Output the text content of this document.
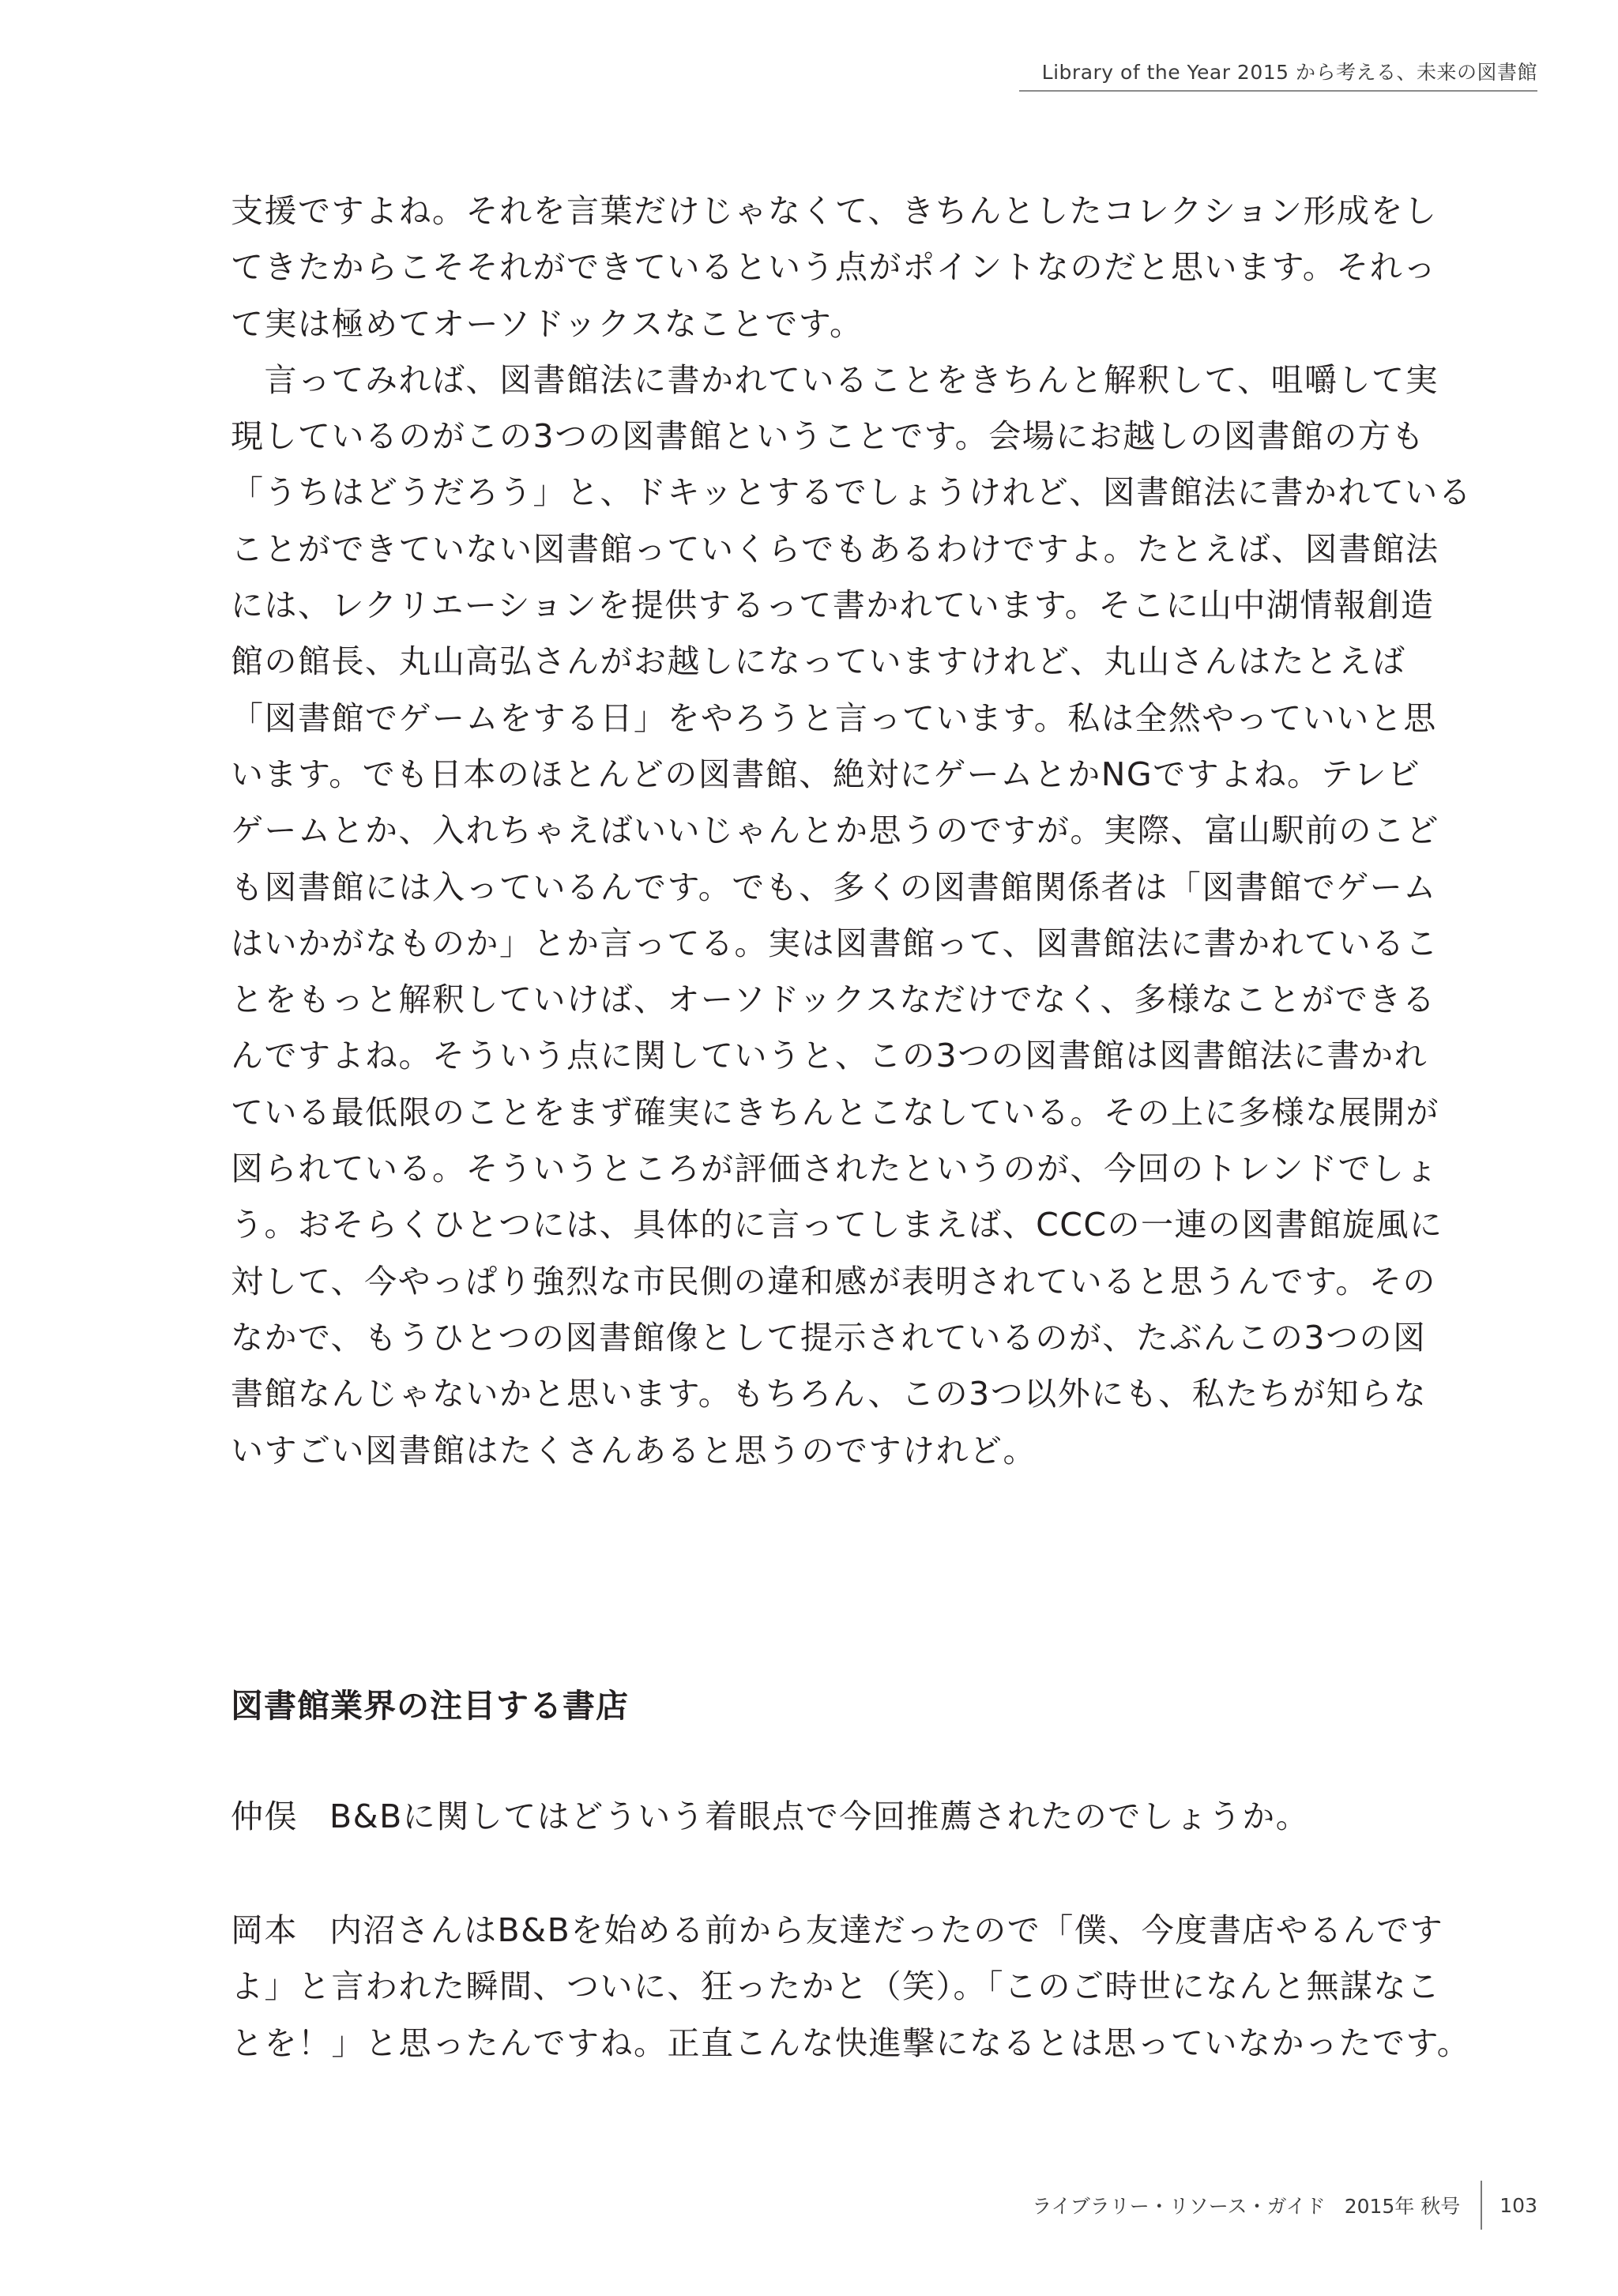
Library of the Year 2015 から考える、未来の図書館
支援ですよね。それを言葉だけじゃなくて、きちんとしたコレクション形成をし
てきたからこそそれができているという点がポイントなのだと思います。それっ
て実は極めてオーソドックスなことです。
　言ってみれば、図書館法に書かれていることをきちんと解釈して、咀嚼して実
現しているのがこの3つの図書館ということです。会場にお越しの図書館の方も
「うちはどうだろう」と、ドキッとするでしょうけれど、図書館法に書かれている
ことができていない図書館っていくらでもあるわけですよ。たとえば、図書館法
には、レクリエーションを提供するって書かれています。そこに山中湖情報創造
館の館長、丸山高弘さんがお越しになっていますけれど、丸山さんはたとえば
「図書館でゲームをする日」をやろうと言っています。私は全然やっていいと思
います。でも日本のほとんどの図書館、絶対にゲームとかNGですよね。テレビ
ゲームとか、入れちゃえばいいじゃんとか思うのですが。実際、富山駅前のこど
も図書館には入っているんです。でも、多くの図書館関係者は「図書館でゲーム
はいかがなものか」とか言ってる。実は図書館って、図書館法に書かれているこ
とをもっと解釈していけば、オーソドックスなだけでなく、多様なことができる
んですよね。そういう点に関していうと、この3つの図書館は図書館法に書かれ
ている最低限のことをまず確実にきちんとこなしている。その上に多様な展開が
図られている。そういうところが評価されたというのが、今回のトレンドでしょ
う。おそらくひとつには、具体的に言ってしまえば、CCCの一連の図書館旋風に
対して、今やっぱり強烈な市民側の違和感が表明されていると思うんです。その
なかで、もうひとつの図書館像として提示されているのが、たぶんこの3つの図
書館なんじゃないかと思います。もちろん、この3つ以外にも、私たちが知らな
いすごい図書館はたくさんあると思うのですけれど。
図書館業界の注目する書店
仲俣 B&Bに関してはどういう着眼点で今回推薦されたのでしょうか。
岡本 内沼さんはB&Bを始める前から友達だったので「僕、今度書店やるんです
よ」と言われた瞬間、ついに、狂ったかと（笑）。「このご時世になんと無謀なこ
とを！」と思ったんですね。正直こんな快進撃になるとは思っていなかったです。
ライブラリー・リソース・ガイド 2015年 秋号 103
